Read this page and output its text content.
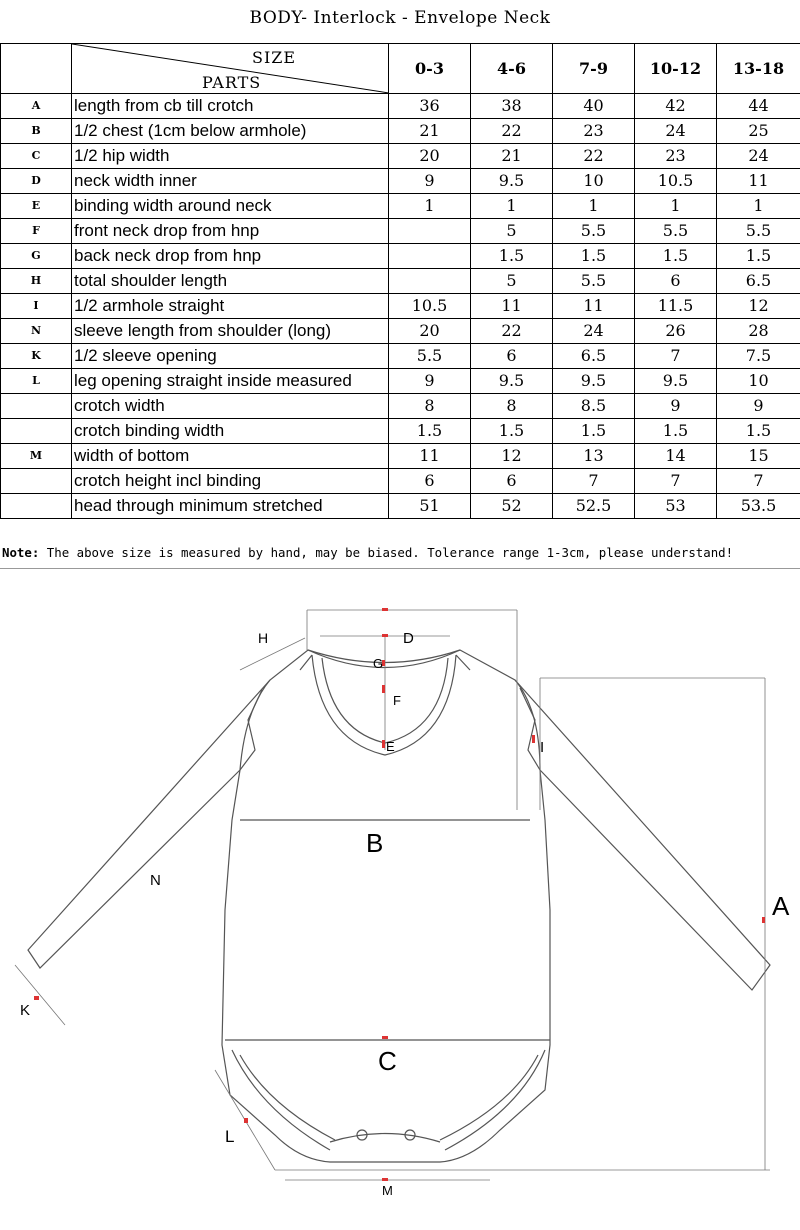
BODY- Interlock - Envelope Neck

	SIZE
PARTS	0-3	4-6	7-9	10-12	13-18
A	length from cb till crotch	36	38	40	42	44
B	1/2 chest (1cm below armhole)	21	22	23	24	25
C	1/2 hip width	20	21	22	23	24
D	neck width inner	9	9.5	10	10.5	11
E	binding width around neck	1	1	1	1	1
F	front neck drop from hnp		5	5.5	5.5	5.5
G	back neck drop from hnp		1.5	1.5	1.5	1.5
H	total shoulder length		5	5.5	6	6.5
I	1/2 armhole straight	10.5	11	11	11.5	12
N	sleeve length from shoulder (long)	20	22	24	26	28
K	1/2 sleeve opening	5.5	6	6.5	7	7.5
L	leg opening straight inside measured	9	9.5	9.5	9.5	10
	crotch width	8	8	8.5	9	9
	crotch binding width	1.5	1.5	1.5	1.5	1.5
M	width of bottom	11	12	13	14	15
	crotch height incl binding	6	6	7	7	7
	head through minimum stretched	51	52	52.5	53	53.5
Note: The above size is measured by hand, may be biased. Tolerance range 1-3cm, please understand!
H	D
G
F
E	I
B
N
A
K
C
L
M
